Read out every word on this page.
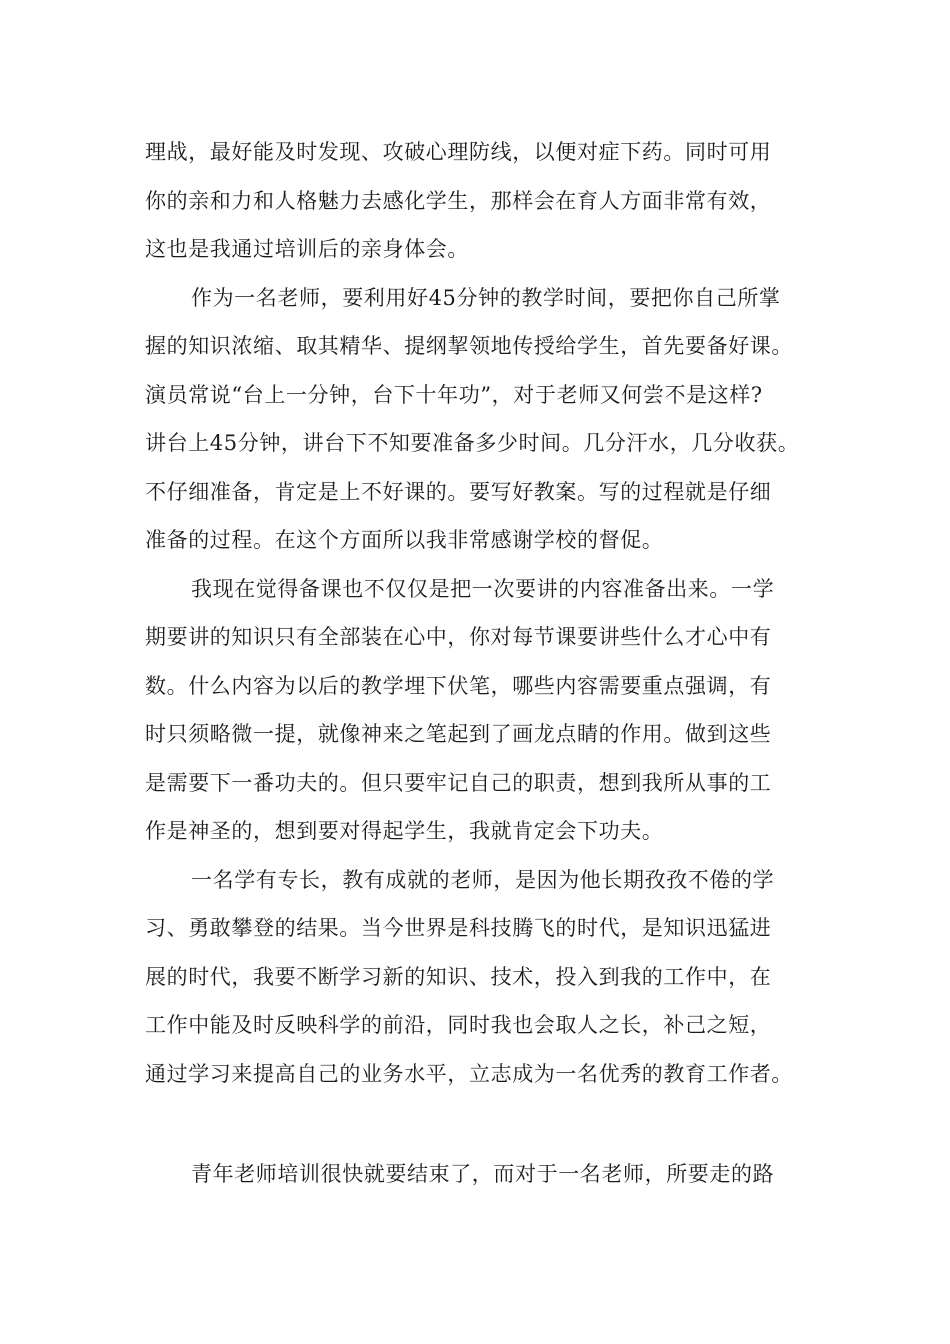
理战，最好能及时发现、攻破心理防线，以便对症下药。同时可用
你的亲和力和人格魅力去感化学生，那样会在育人方面非常有效，
这也是我通过培训后的亲身体会。
作为一名老师，要利用好45分钟的教学时间，要把你自己所掌
握的知识浓缩、取其精华、提纲挈领地传授给学生，首先要备好课。
演员常说“台上一分钟，台下十年功”，对于老师又何尝不是这样?
讲台上45分钟，讲台下不知要准备多少时间。几分汗水，几分收获。
不仔细准备，肯定是上不好课的。要写好教案。写的过程就是仔细
准备的过程。在这个方面所以我非常感谢学校的督促。
我现在觉得备课也不仅仅是把一次要讲的内容准备出来。一学
期要讲的知识只有全部装在心中，你对每节课要讲些什么才心中有
数。什么内容为以后的教学埋下伏笔，哪些内容需要重点强调，有
时只须略微一提，就像神来之笔起到了画龙点睛的作用。做到这些
是需要下一番功夫的。但只要牢记自己的职责，想到我所从事的工
作是神圣的，想到要对得起学生，我就肯定会下功夫。
一名学有专长，教有成就的老师，是因为他长期孜孜不倦的学
习、勇敢攀登的结果。当今世界是科技腾飞的时代，是知识迅猛进
展的时代，我要不断学习新的知识、技术，投入到我的工作中，在
工作中能及时反映科学的前沿，同时我也会取人之长，补己之短，
通过学习来提高自己的业务水平，立志成为一名优秀的教育工作者。
青年老师培训很快就要结束了，而对于一名老师，所要走的路
